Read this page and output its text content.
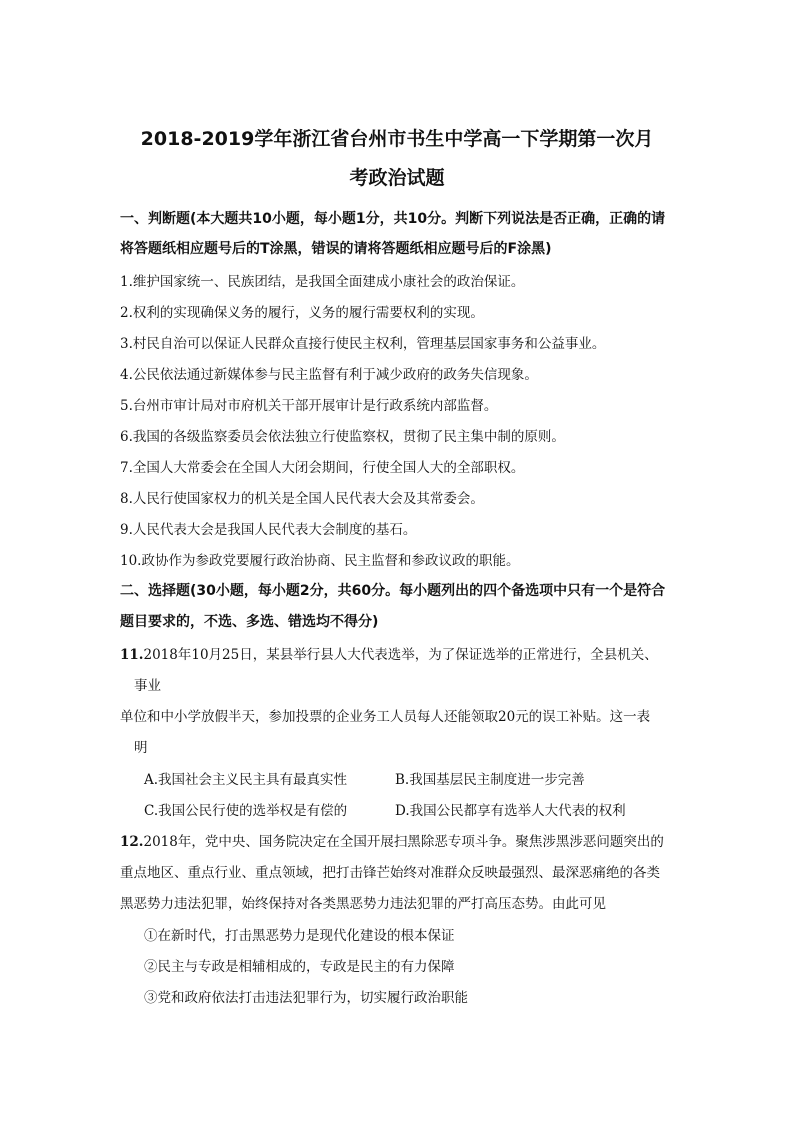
2018-2019学年浙江省台州市书生中学高一下学期第一次月
考政治试题
一、判断题(本大题共10小题，每小题1分，共10分。判断下列说法是否正确，正确的请
将答题纸相应题号后的T涂黑，错误的请将答题纸相应题号后的F涂黑)
1.维护国家统一、民族团结，是我国全面建成小康社会的政治保证。
2.权利的实现确保义务的履行，义务的履行需要权利的实现。
3.村民自治可以保证人民群众直接行使民主权利，管理基层国家事务和公益事业。
4.公民依法通过新媒体参与民主监督有利于减少政府的政务失信现象。
5.台州市审计局对市府机关干部开展审计是行政系统内部监督。
6.我国的各级监察委员会依法独立行使监察权，贯彻了民主集中制的原则。
7.全国人大常委会在全国人大闭会期间，行使全国人大的全部职权。
8.人民行使国家权力的机关是全国人民代表大会及其常委会。
9.人民代表大会是我国人民代表大会制度的基石。
10.政协作为参政党要履行政治协商、民主监督和参政议政的职能。
二、选择题(30小题，每小题2分，共60分。每小题列出的四个备选项中只有一个是符合
题目要求的，不选、多选、错选均不得分)
11.2018年10月25日，某县举行县人大代表选举，为了保证选举的正常进行，全县机关、
事业
单位和中小学放假半天，参加投票的企业务工人员每人还能领取20元的误工补贴。这一表
明
A.我国社会主义民主具有最真实性	B.我国基层民主制度进一步完善
C.我国公民行使的选举权是有偿的	D.我国公民都享有选举人大代表的权利
12.2018年，党中央、国务院决定在全国开展扫黑除恶专项斗争。聚焦涉黑涉恶问题突出的
重点地区、重点行业、重点领域，把打击锋芒始终对准群众反映最强烈、最深恶痛绝的各类
黑恶势力违法犯罪，始终保持对各类黑恶势力违法犯罪的严打高压态势。由此可见
①在新时代，打击黑恶势力是现代化建设的根本保证
②民主与专政是相辅相成的，专政是民主的有力保障
③党和政府依法打击违法犯罪行为，切实履行政治职能
